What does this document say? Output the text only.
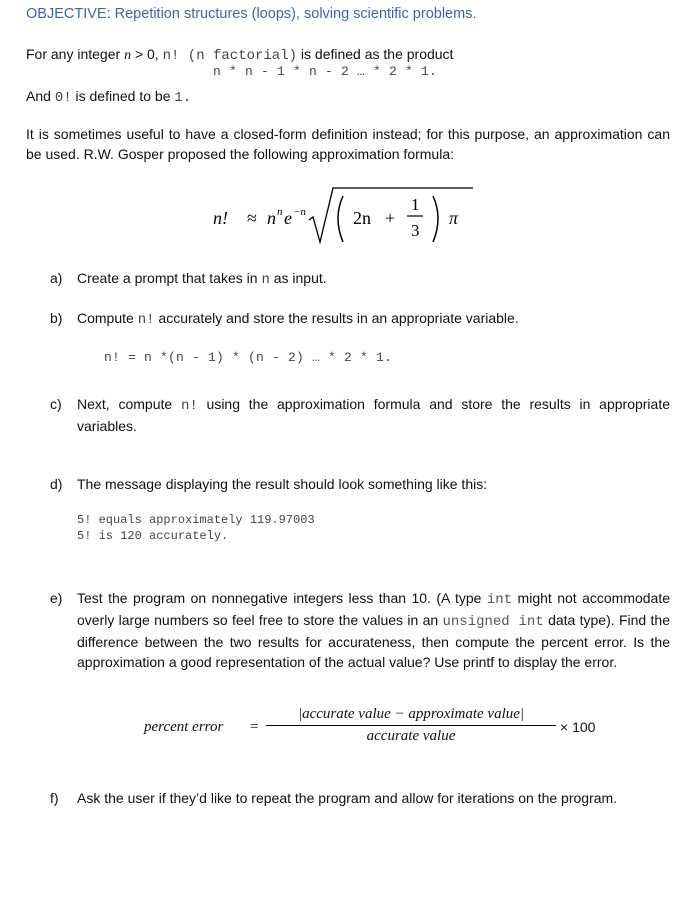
OBJECTIVE: Repetition structures (loops), solving scientific problems.
For any integer n > 0, n! (n factorial) is defined as the product
n * n - 1 * n - 2 … * 2 * 1.
And 0! is defined to be 1.
It is sometimes useful to have a closed-form definition instead; for this purpose, an approximation can be used. R.W. Gosper proposed the following approximation formula:
n! ≈ n n e −n	2n +
1
3
π
a) Create a prompt that takes in n as input.
b) Compute n! accurately and store the results in an appropriate variable.
n! = n *(n - 1) * (n - 2) … * 2 * 1.
c) Next, compute n! using the approximation formula and store the results in appropriate variables.
d) The message displaying the result should look something like this:
5! equals approximately 119.97003
5! is 120 accurately.
e) Test the program on nonnegative integers less than 10. (A type int might not accommodate overly large numbers so feel free to store the values in an unsigned int data type). Find the difference between the two results for accurateness, then compute the percent error. Is the approximation a good representation of the actual value? Use printf to display the error.
percent error =
|accurate value − approximate value|
accurate value
× 100
f) Ask the user if they’d like to repeat the program and allow for iterations on the program.
